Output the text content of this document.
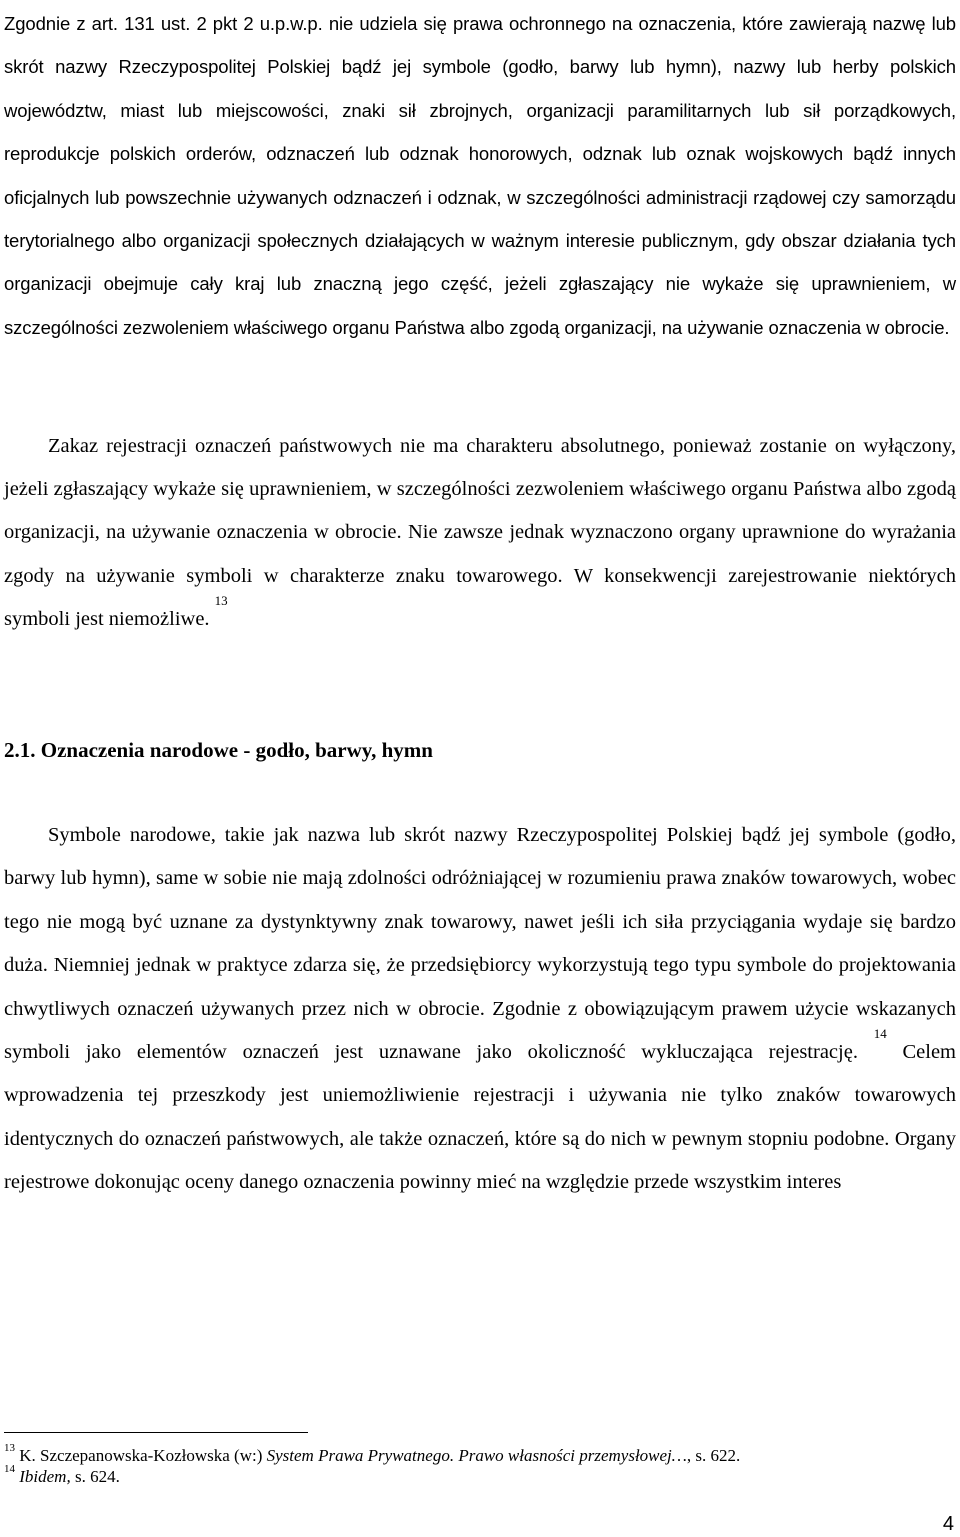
Zgodnie z art. 131 ust. 2 pkt 2 u.p.w.p. nie udziela się prawa ochronnego na oznaczenia, które zawierają nazwę lub skrót nazwy Rzeczypospolitej Polskiej bądź jej symbole (godło, barwy lub hymn), nazwy lub herby polskich województw, miast lub miejscowości, znaki sił zbrojnych, organizacji paramilitarnych lub sił porządkowych, reprodukcje polskich orderów, odznaczeń lub odznak honorowych, odznak lub oznak wojskowych bądź innych oficjalnych lub powszechnie używanych odznaczeń i odznak, w szczególności administracji rządowej czy samorządu terytorialnego albo organizacji społecznych działających w ważnym interesie publicznym, gdy obszar działania tych organizacji obejmuje cały kraj lub znaczną jego część, jeżeli zgłaszający nie wykaże się uprawnieniem, w szczególności zezwoleniem właściwego organu Państwa albo zgodą organizacji, na używanie oznaczenia w obrocie.

Zakaz rejestracji oznaczeń państwowych nie ma charakteru absolutnego, ponieważ zostanie on wyłączony, jeżeli zgłaszający wykaże się uprawnieniem, w szczególności zezwoleniem właściwego organu Państwa albo zgodą organizacji, na używanie oznaczenia w obrocie. Nie zawsze jednak wyznaczono organy uprawnione do wyrażania zgody na używanie symboli w charakterze znaku towarowego. W konsekwencji zarejestrowanie niektórych symboli jest niemożliwe. $^{13}$

2.1. Oznaczenia narodowe - godło, barwy, hymn

Symbole narodowe, takie jak nazwa lub skrót nazwy Rzeczypospolitej Polskiej bądź jej symbole (godło, barwy lub hymn), same w sobie nie mają zdolności odróżniającej w rozumieniu prawa znaków towarowych, wobec tego nie mogą być uznane za dystynktywny znak towarowy, nawet jeśli ich siła przyciągania wydaje się bardzo duża. Niemniej jednak w praktyce zdarza się, że przedsiębiorcy wykorzystują tego typu symbole do projektowania chwytliwych oznaczeń używanych przez nich w obrocie. Zgodnie z obowiązującym prawem użycie wskazanych symboli jako elementów oznaczeń jest uznawane jako okoliczność wykluczająca rejestrację. $^{14}$ Celem wprowadzenia tej przeszkody jest uniemożliwienie rejestracji i używania nie tylko znaków towarowych identycznych do oznaczeń państwowych, ale także oznaczeń, które są do nich w pewnym stopniu podobne. Organy rejestrowe dokonując oceny danego oznaczenia powinny mieć na względzie przede wszystkim interes

$^{13}$ K. Szczepanowska-Kozłowska (w:) System Prawa Prywatnego. Prawo własności przemysłowej…, s. 622.
$^{14}$ Ibidem, s. 624.
4
